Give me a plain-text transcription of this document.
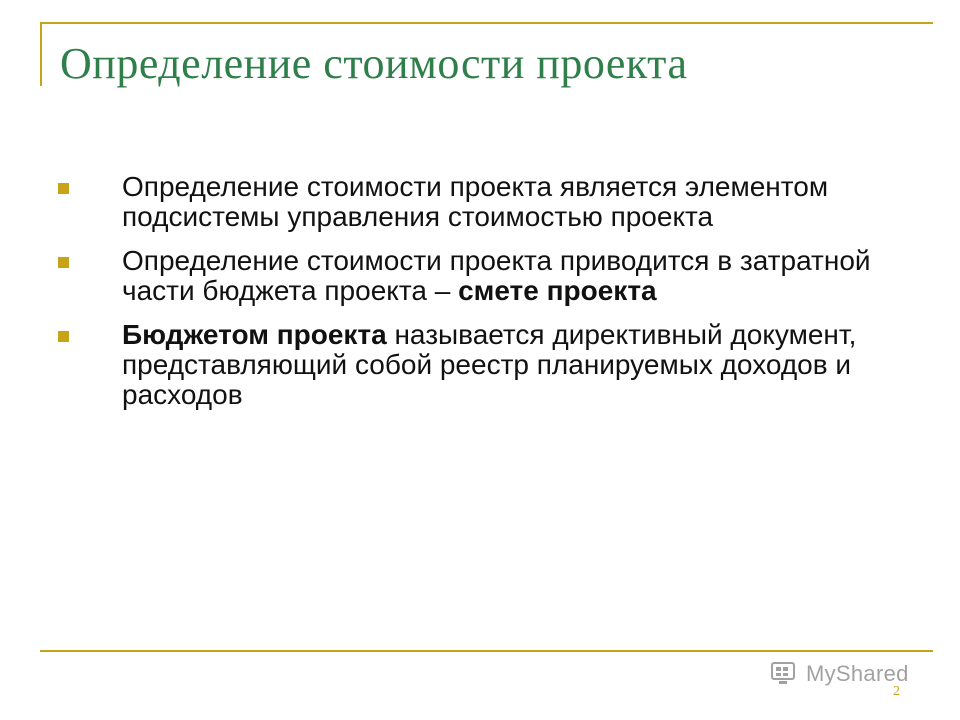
Определение стоимости проекта
Определение стоимости проекта является элементом подсистемы управления стоимостью проекта
Определение стоимости проекта приводится в затратной части бюджета проекта – смете проекта
Бюджетом проекта называется директивный документ, представляющий собой реестр планируемых доходов и расходов
MyShared
2
